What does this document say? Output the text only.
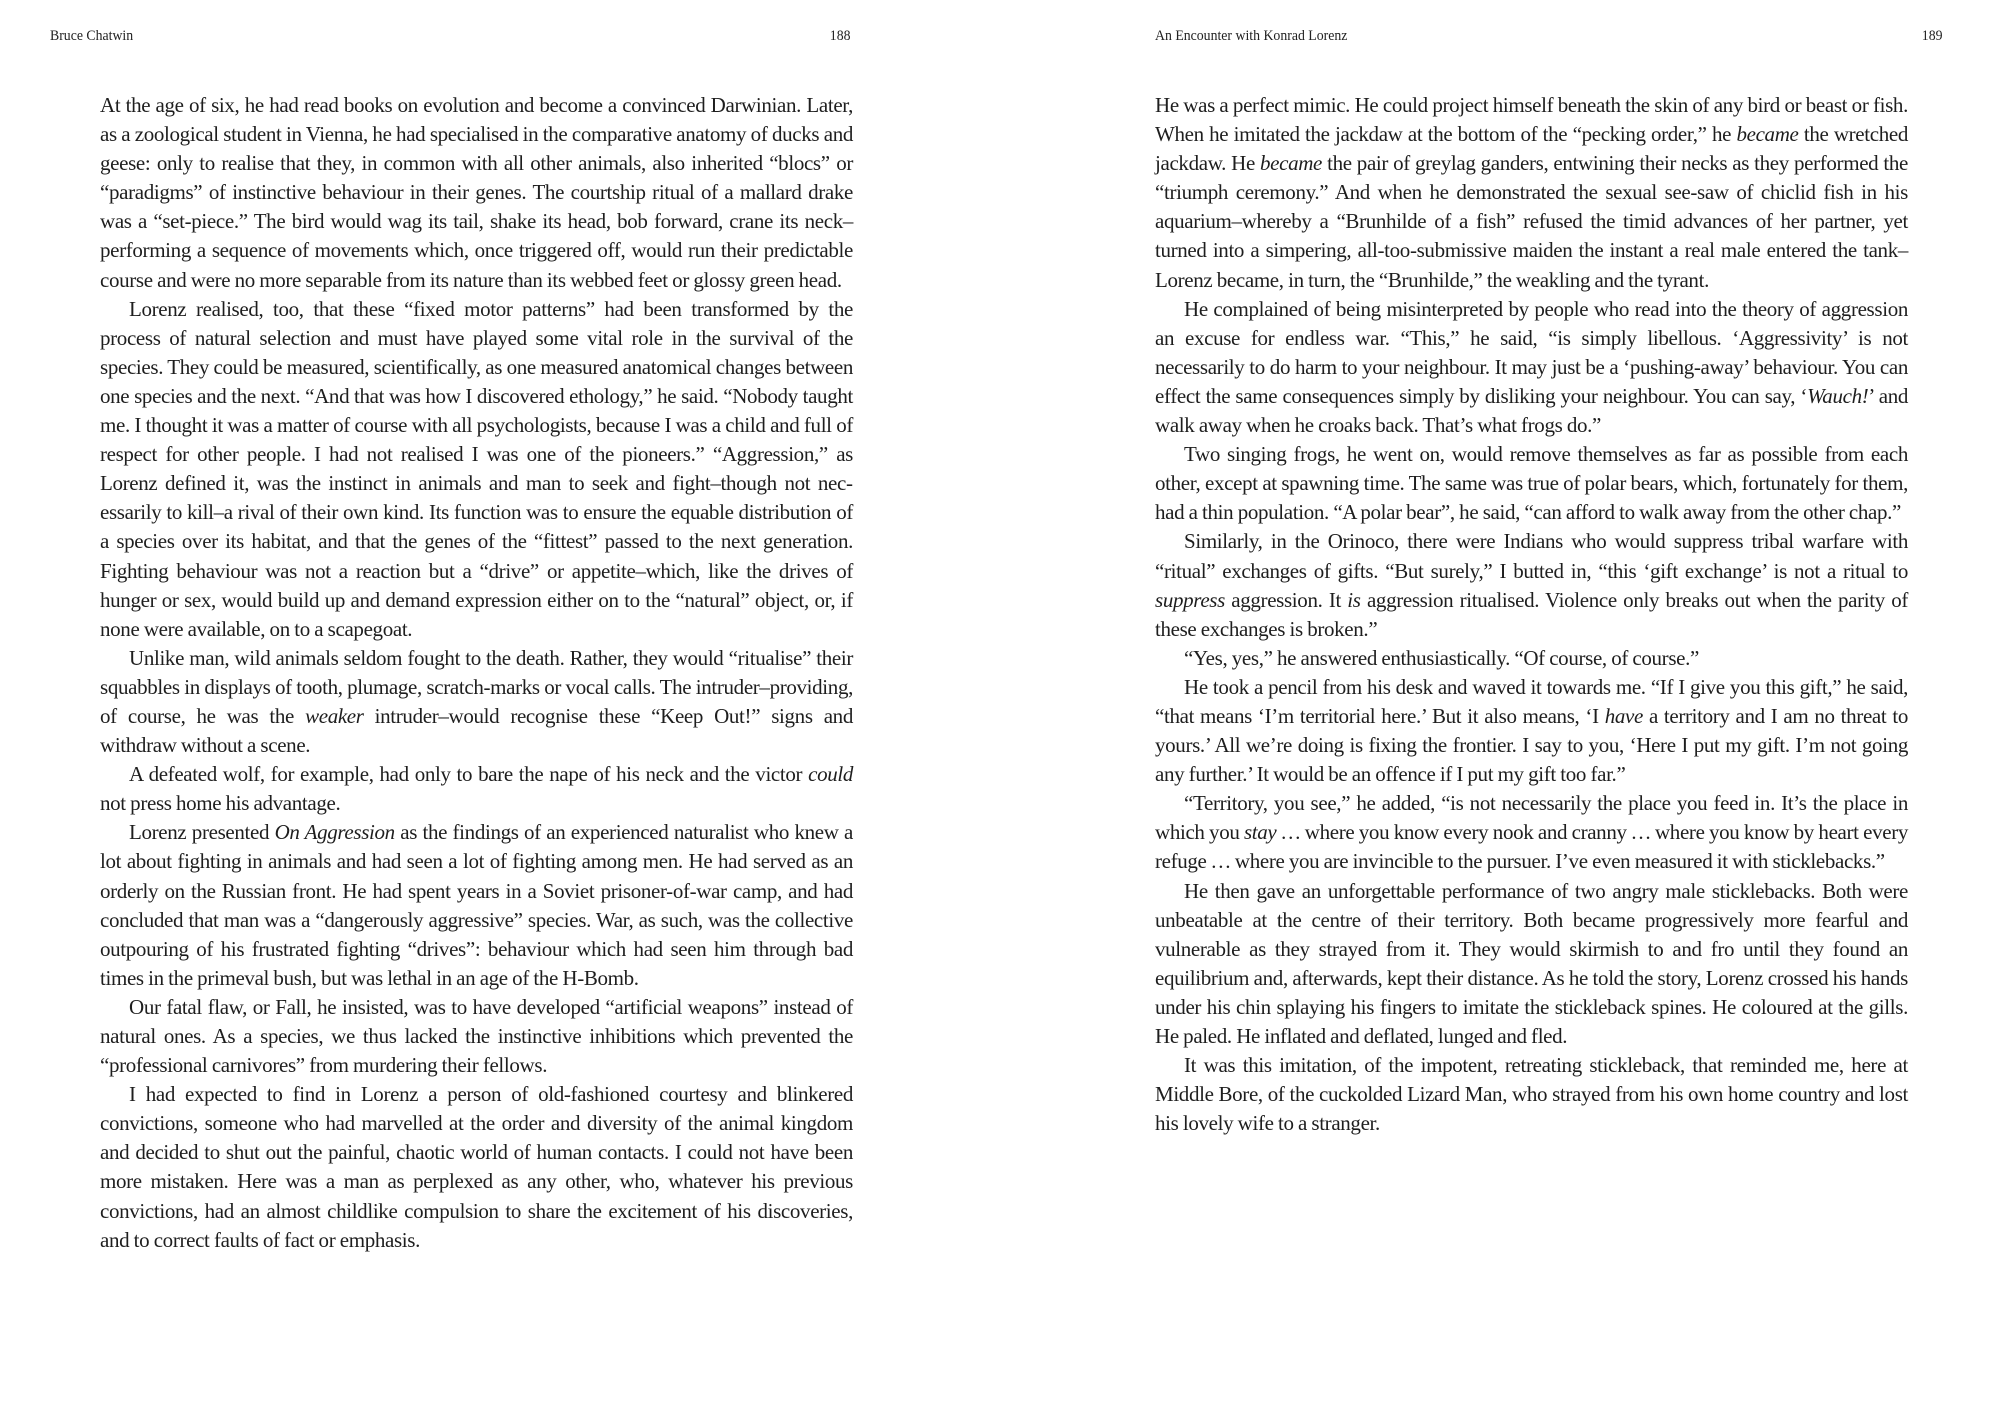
Bruce Chatwin	188

At the age of six, he had read books on evolution and become a convinced Darwinian. Later, as a zoological student in Vienna, he had specialised in the comparative anatomy of ducks and geese: only to realise that they, in common with all other animals, also inherited “blocs” or “paradigms” of instinctive behaviour in their genes. The courtship ritual of a mallard drake was a “set-piece.” The bird would wag its tail, shake its head, bob forward, crane its neck–performing a sequence of movements which, once triggered off, would run their predictable course and were no more separable from its nature than its webbed feet or glossy green head.

Lorenz realised, too, that these “fixed motor patterns” had been transformed by the process of natural selection and must have played some vital role in the survival of the species. They could be measured, scientifically, as one measured anatomical changes between one species and the next. “And that was how I discovered ethology,” he said. “Nobody taught me. I thought it was a matter of course with all psychologists, because I was a child and full of respect for other people. I had not realised I was one of the pioneers.” “Aggression,” as Lorenz defined it, was the instinct in animals and man to seek and fight–though not necessarily to kill–a rival of their own kind. Its function was to ensure the equable distribution of a species over its habitat, and that the genes of the “fittest” passed to the next generation. Fighting behaviour was not a reaction but a “drive” or appetite–which, like the drives of hunger or sex, would build up and demand expression either on to the “natural” object, or, if none were available, on to a scapegoat.

Unlike man, wild animals seldom fought to the death. Rather, they would “ritualise” their squabbles in displays of tooth, plumage, scratch-marks or vocal calls. The intruder–providing, of course, he was the weaker intruder–would recognise these “Keep Out!” signs and withdraw without a scene.

A defeated wolf, for example, had only to bare the nape of his neck and the victor could not press home his advantage.

Lorenz presented On Aggression as the findings of an experienced naturalist who knew a lot about fighting in animals and had seen a lot of fighting among men. He had served as an orderly on the Russian front. He had spent years in a Soviet prisoner-of-war camp, and had concluded that man was a “dangerously aggressive” species. War, as such, was the collective outpouring of his frustrated fighting “drives”: behaviour which had seen him through bad times in the primeval bush, but was lethal in an age of the H-Bomb.

Our fatal flaw, or Fall, he insisted, was to have developed “artificial weapons” instead of natural ones. As a species, we thus lacked the instinctive inhibitions which prevented the “professional carnivores” from murdering their fellows.

I had expected to find in Lorenz a person of old-fashioned courtesy and blinkered convictions, someone who had marvelled at the order and diversity of the animal kingdom and decided to shut out the painful, chaotic world of human contacts. I could not have been more mistaken. Here was a man as perplexed as any other, who, whatever his previous convictions, had an almost childlike compulsion to share the excitement of his discoveries, and to correct faults of fact or emphasis.

An Encounter with Konrad Lorenz	189

He was a perfect mimic. He could project himself beneath the skin of any bird or beast or fish. When he imitated the jackdaw at the bottom of the “pecking order,” he became the wretched jackdaw. He became the pair of greylag ganders, entwining their necks as they performed the “triumph ceremony.” And when he demonstrated the sexual see-saw of chiclid fish in his aquarium–whereby a “Brunhilde of a fish” refused the timid advances of her partner, yet turned into a simpering, all-too-submissive maiden the instant a real male entered the tank–Lorenz became, in turn, the “Brunhilde,” the weakling and the tyrant.

He complained of being misinterpreted by people who read into the theory of aggression an excuse for endless war. “This,” he said, “is simply libellous. ‘Aggressivity’ is not necessarily to do harm to your neighbour. It may just be a ‘pushing-away’ behaviour. You can effect the same consequences simply by disliking your neighbour. You can say, ‘Wauch!’ and walk away when he croaks back. That’s what frogs do.”

Two singing frogs, he went on, would remove themselves as far as possible from each other, except at spawning time. The same was true of polar bears, which, fortunately for them, had a thin population. “A polar bear”, he said, “can afford to walk away from the other chap.”

Similarly, in the Orinoco, there were Indians who would suppress tribal warfare with “ritual” exchanges of gifts. “But surely,” I butted in, “this ‘gift exchange’ is not a ritual to suppress aggression. It is aggression ritualised. Violence only breaks out when the parity of these exchanges is broken.”

“Yes, yes,” he answered enthusiastically. “Of course, of course.”

He took a pencil from his desk and waved it towards me. “If I give you this gift,” he said, “that means ‘I’m territorial here.’ But it also means, ‘I have a territory and I am no threat to yours.’ All we’re doing is fixing the frontier. I say to you, ‘Here I put my gift. I’m not going any further.’ It would be an offence if I put my gift too far.”

“Territory, you see,” he added, “is not necessarily the place you feed in. It’s the place in which you stay … where you know every nook and cranny … where you know by heart every refuge … where you are invincible to the pursuer. I’ve even measured it with sticklebacks.”

He then gave an unforgettable performance of two angry male sticklebacks. Both were unbeatable at the centre of their territory. Both became progressively more fearful and vulnerable as they strayed from it. They would skirmish to and fro until they found an equilibrium and, afterwards, kept their distance. As he told the story, Lorenz crossed his hands under his chin splaying his fingers to imitate the stickleback spines. He coloured at the gills. He paled. He inflated and deflated, lunged and fled.

It was this imitation, of the impotent, retreating stickleback, that reminded me, here at Middle Bore, of the cuckolded Lizard Man, who strayed from his own home country and lost his lovely wife to a stranger.
